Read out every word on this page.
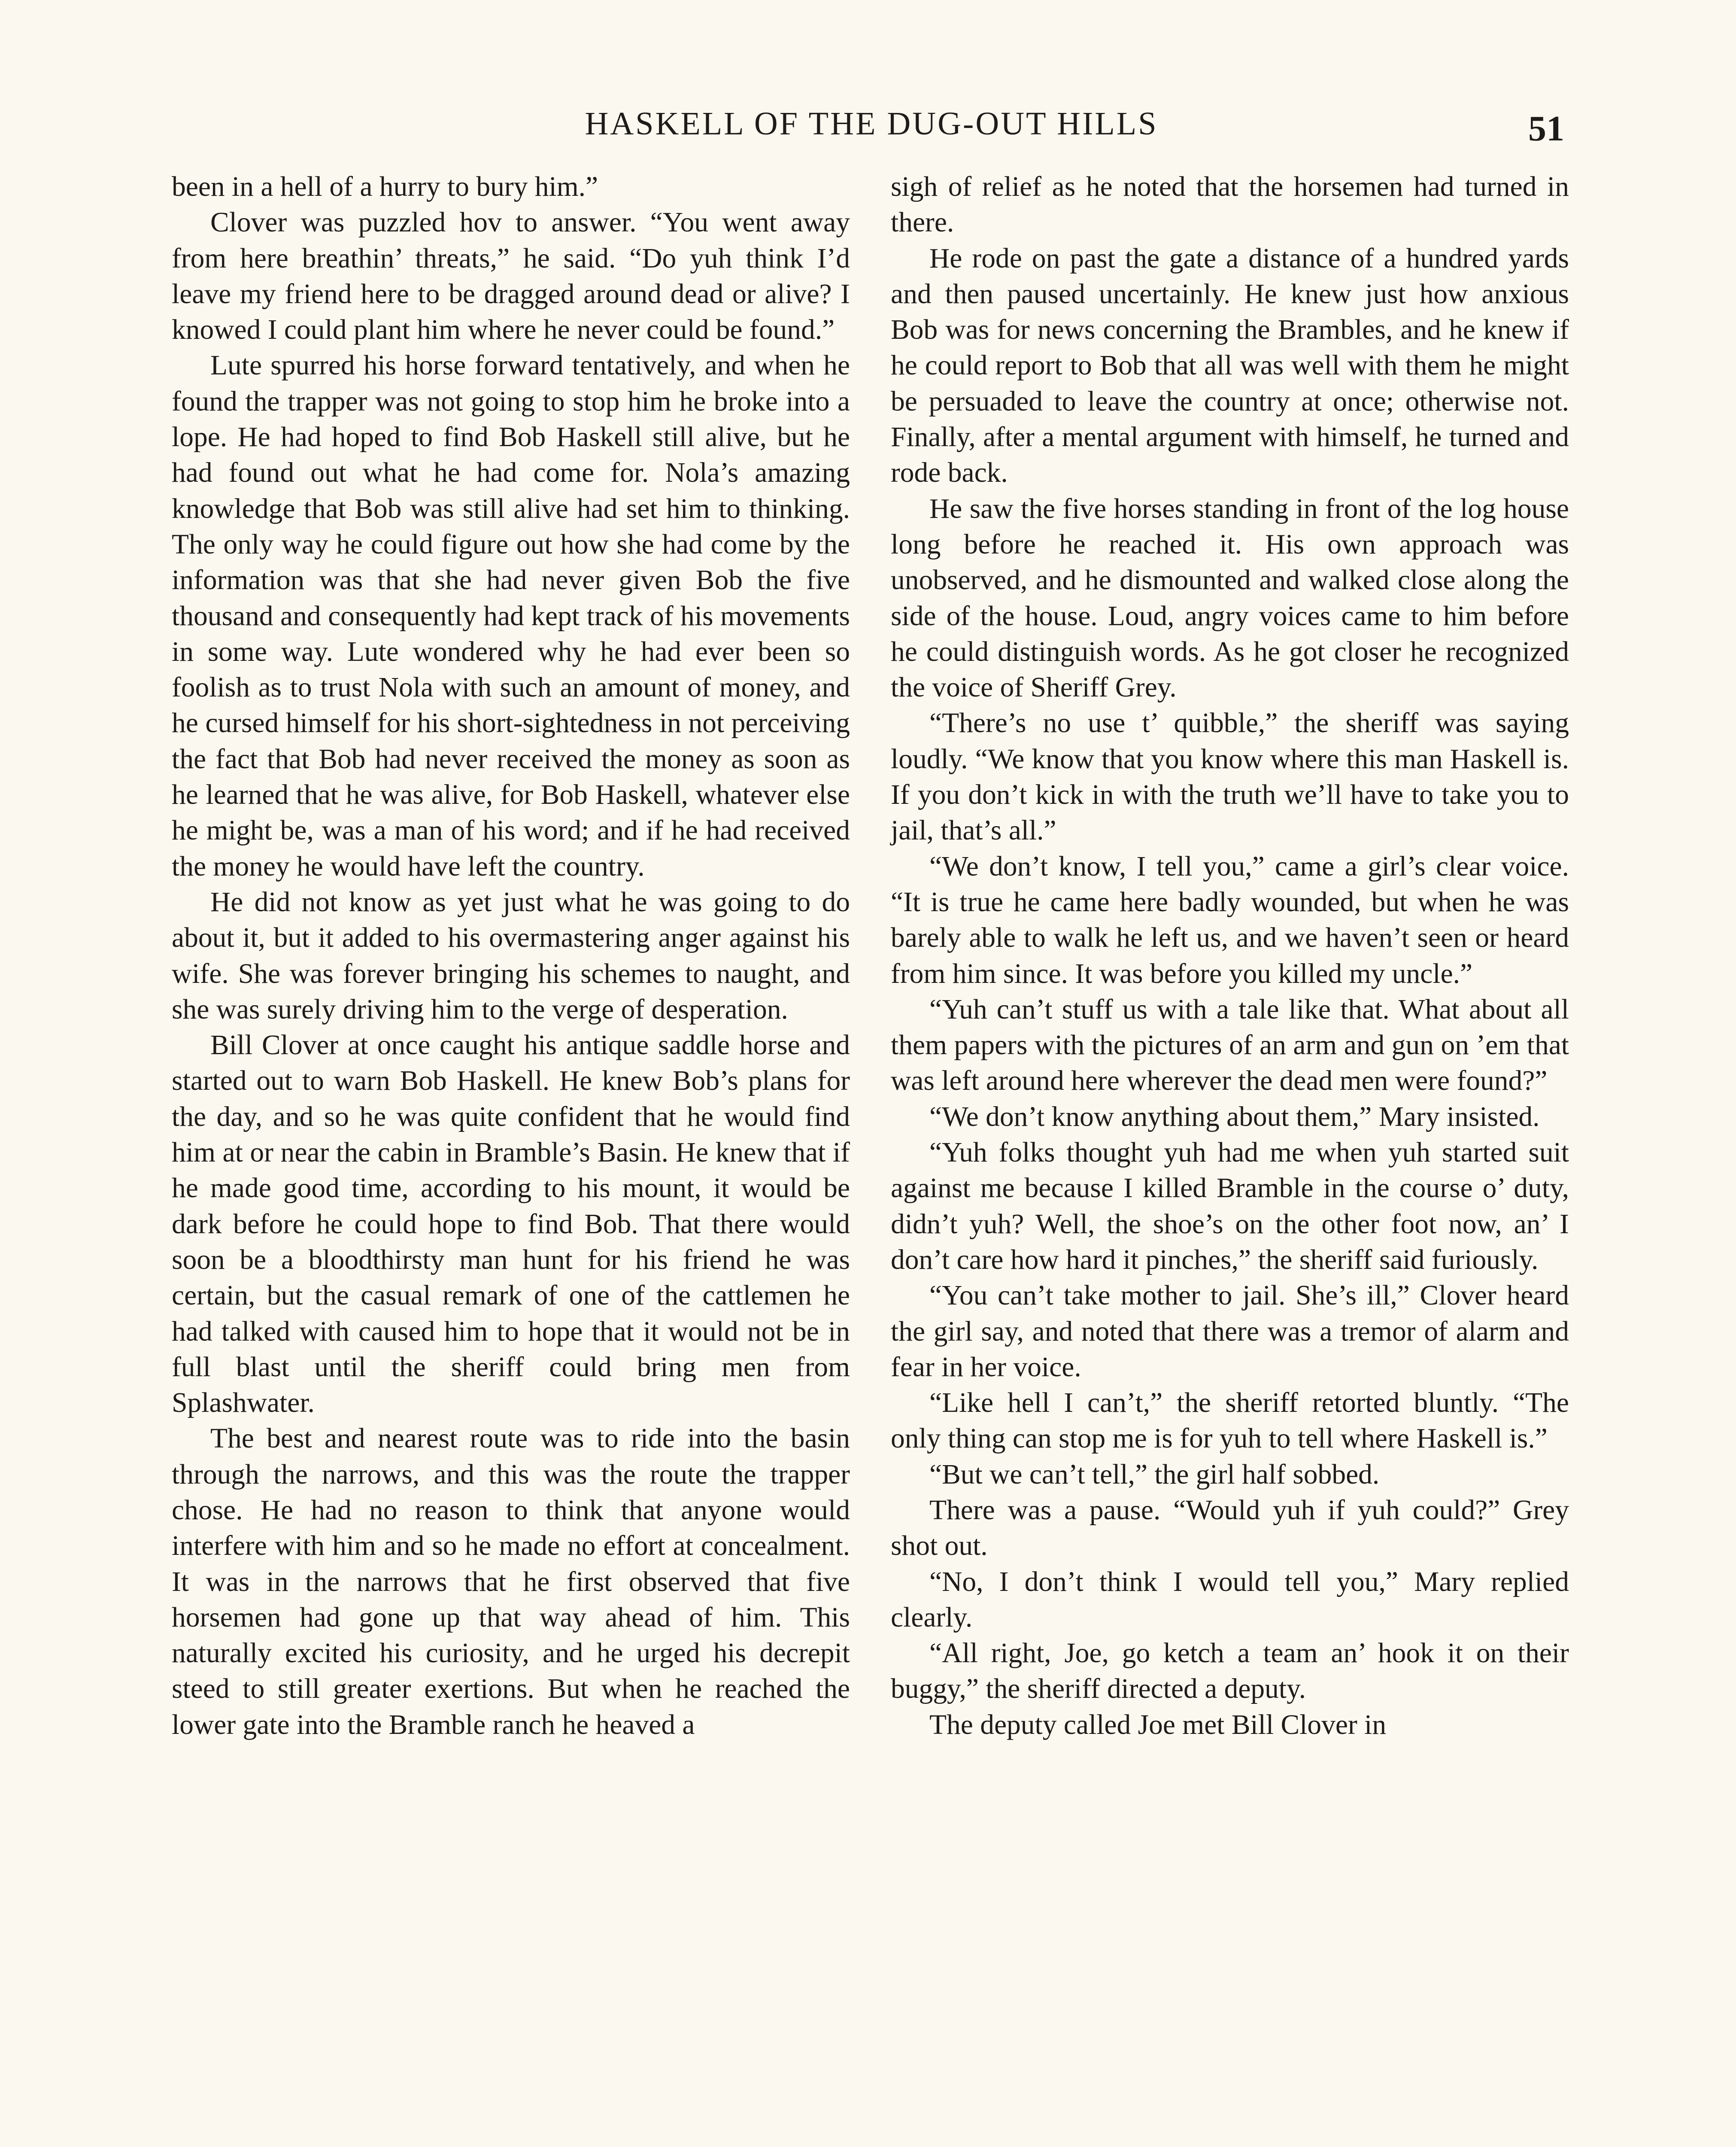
HASKELL OF THE DUG-OUT HILLS	51

been in a hell of a hurry to bury him.”

Clover was puzzled hov to answer. “You went away from here breathin’ threats,” he said. “Do yuh think I’d leave my friend here to be dragged around dead or alive? I knowed I could plant him where he never could be found.”

Lute spurred his horse forward tentatively, and when he found the trapper was not going to stop him he broke into a lope. He had hoped to find Bob Haskell still alive, but he had found out what he had come for. Nola’s amazing knowledge that Bob was still alive had set him to thinking. The only way he could figure out how she had come by the information was that she had never given Bob the five thousand and consequently had kept track of his movements in some way. Lute wondered why he had ever been so foolish as to trust Nola with such an amount of money, and he cursed himself for his short-sightedness in not perceiving the fact that Bob had never received the money as soon as he learned that he was alive, for Bob Haskell, whatever else he might be, was a man of his word; and if he had received the money he would have left the country.

He did not know as yet just what he was going to do about it, but it added to his overmastering anger against his wife. She was forever bringing his schemes to naught, and she was surely driving him to the verge of desperation.

Bill Clover at once caught his antique saddle horse and started out to warn Bob Haskell. He knew Bob’s plans for the day, and so he was quite confident that he would find him at or near the cabin in Bramble’s Basin. He knew that if he made good time, according to his mount, it would be dark before he could hope to find Bob. That there would soon be a bloodthirsty man hunt for his friend he was certain, but the casual remark of one of the cattlemen he had talked with caused him to hope that it would not be in full blast until the sheriff could bring men from Splashwater.

The best and nearest route was to ride into the basin through the narrows, and this was the route the trapper chose. He had no reason to think that anyone would interfere with him and so he made no effort at concealment. It was in the narrows that he first observed that five horsemen had gone up that way ahead of him. This naturally excited his curiosity, and he urged his decrepit steed to still greater exertions. But when he reached the lower gate into the Bramble ranch he heaved a

sigh of relief as he noted that the horsemen had turned in there.

He rode on past the gate a distance of a hundred yards and then paused uncertainly. He knew just how anxious Bob was for news concerning the Brambles, and he knew if he could report to Bob that all was well with them he might be persuaded to leave the country at once; otherwise not. Finally, after a mental argument with himself, he turned and rode back.

He saw the five horses standing in front of the log house long before he reached it. His own approach was unobserved, and he dismounted and walked close along the side of the house. Loud, angry voices came to him before he could distinguish words. As he got closer he recognized the voice of Sheriff Grey.

“There’s no use t’ quibble,” the sheriff was saying loudly. “We know that you know where this man Haskell is. If you don’t kick in with the truth we’ll have to take you to jail, that’s all.”

“We don’t know, I tell you,” came a girl’s clear voice. “It is true he came here badly wounded, but when he was barely able to walk he left us, and we haven’t seen or heard from him since. It was before you killed my uncle.”

“Yuh can’t stuff us with a tale like that. What about all them papers with the pictures of an arm and gun on ’em that was left around here wherever the dead men were found?”

“We don’t know anything about them,” Mary insisted.

“Yuh folks thought yuh had me when yuh started suit against me because I killed Bramble in the course o’ duty, didn’t yuh? Well, the shoe’s on the other foot now, an’ I don’t care how hard it pinches,” the sheriff said furiously.

“You can’t take mother to jail. She’s ill,” Clover heard the girl say, and noted that there was a tremor of alarm and fear in her voice.

“Like hell I can’t,” the sheriff retorted bluntly. “The only thing can stop me is for yuh to tell where Haskell is.”

“But we can’t tell,” the girl half sobbed.

There was a pause. “Would yuh if yuh could?” Grey shot out.

“No, I don’t think I would tell you,” Mary replied clearly.

“All right, Joe, go ketch a team an’ hook it on their buggy,” the sheriff directed a deputy.

The deputy called Joe met Bill Clover in
